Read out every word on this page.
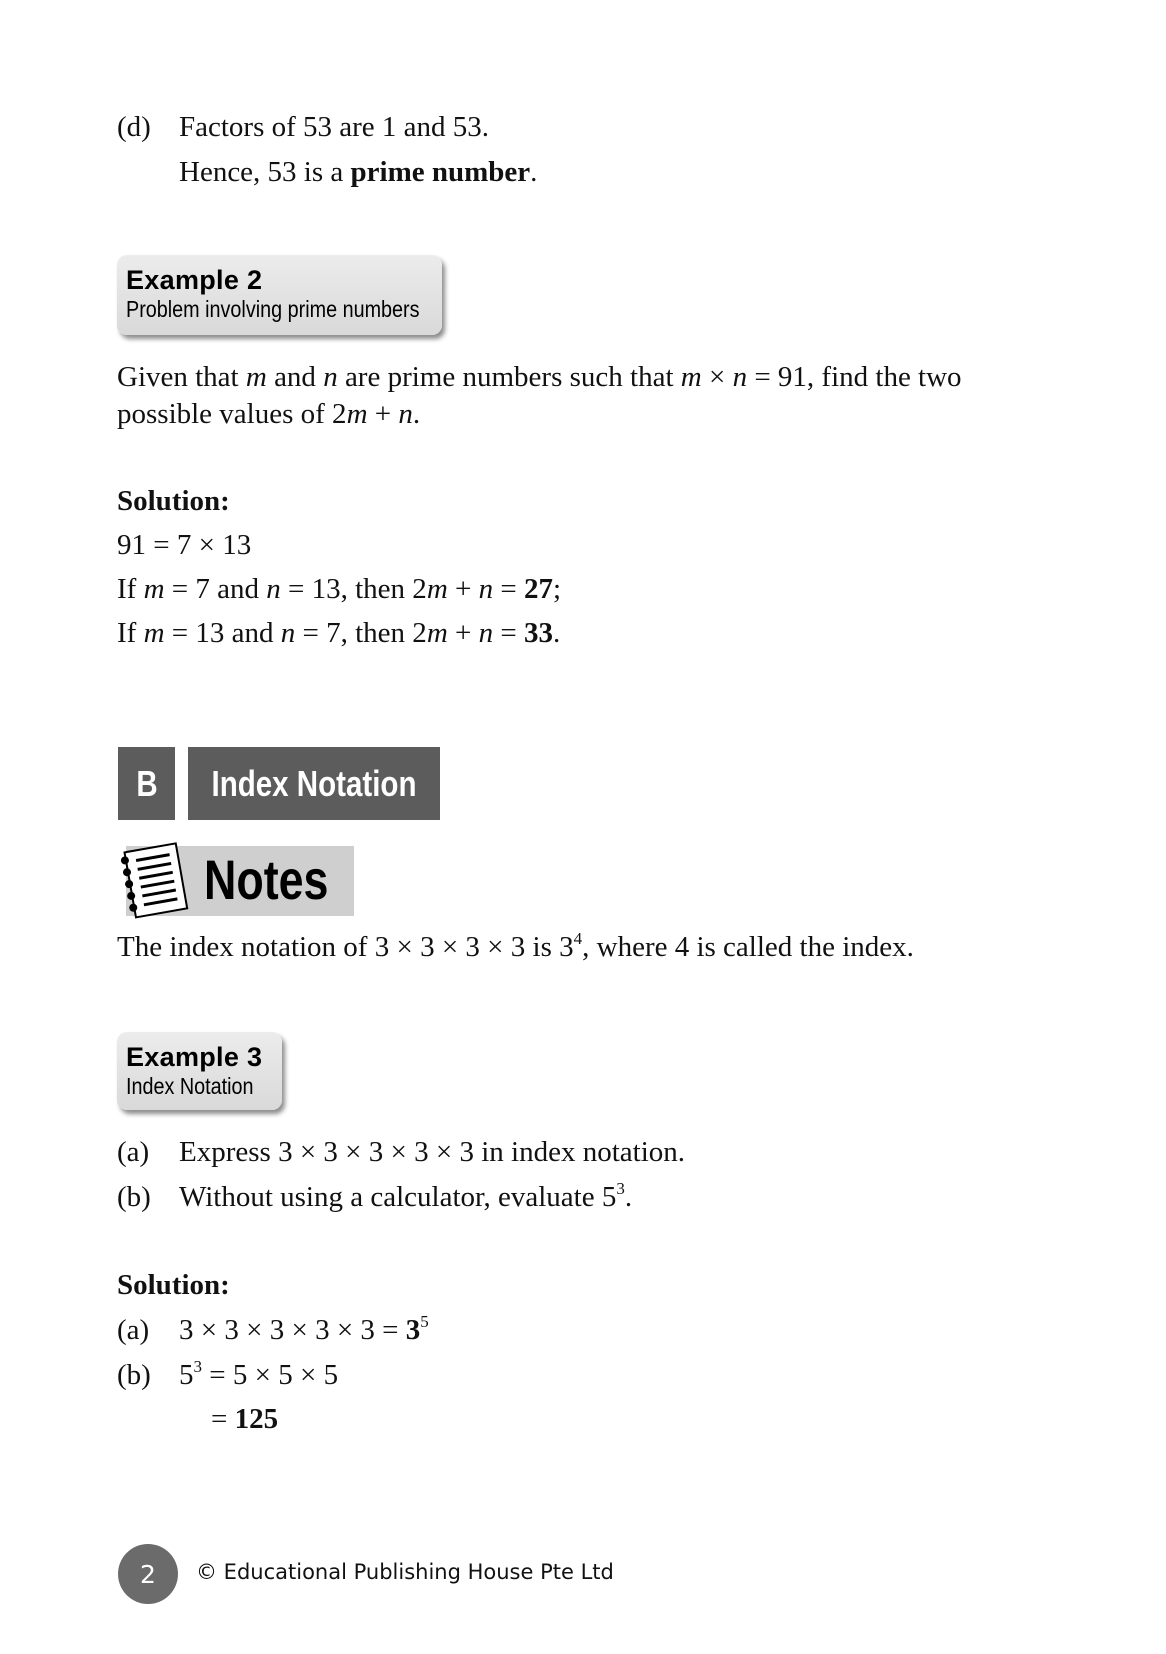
(d) Factors of 53 are 1 and 53.
Hence, 53 is a prime number.
Example 2
Problem involving prime numbers
Given that m and n are prime numbers such that m × n = 91, find the two
possible values of 2m + n.
Solution:
91 = 7 × 13
If m = 7 and n = 13, then 2m + n = 27;
If m = 13 and n = 7, then 2m + n = 33.
B Index Notation
Notes
The index notation of 3 × 3 × 3 × 3 is $3^4$, where 4 is called the index.
Example 3
Index Notation
(a) Express 3 × 3 × 3 × 3 × 3 in index notation.
(b) Without using a calculator, evaluate $5^3$.
Solution:
(a) $3 \times 3 \times 3 \times 3 \times 3 = 3^5$
(b) $5^3 = 5 \times 5 \times 5$
= 125
2 © Educational Publishing House Pte Ltd
